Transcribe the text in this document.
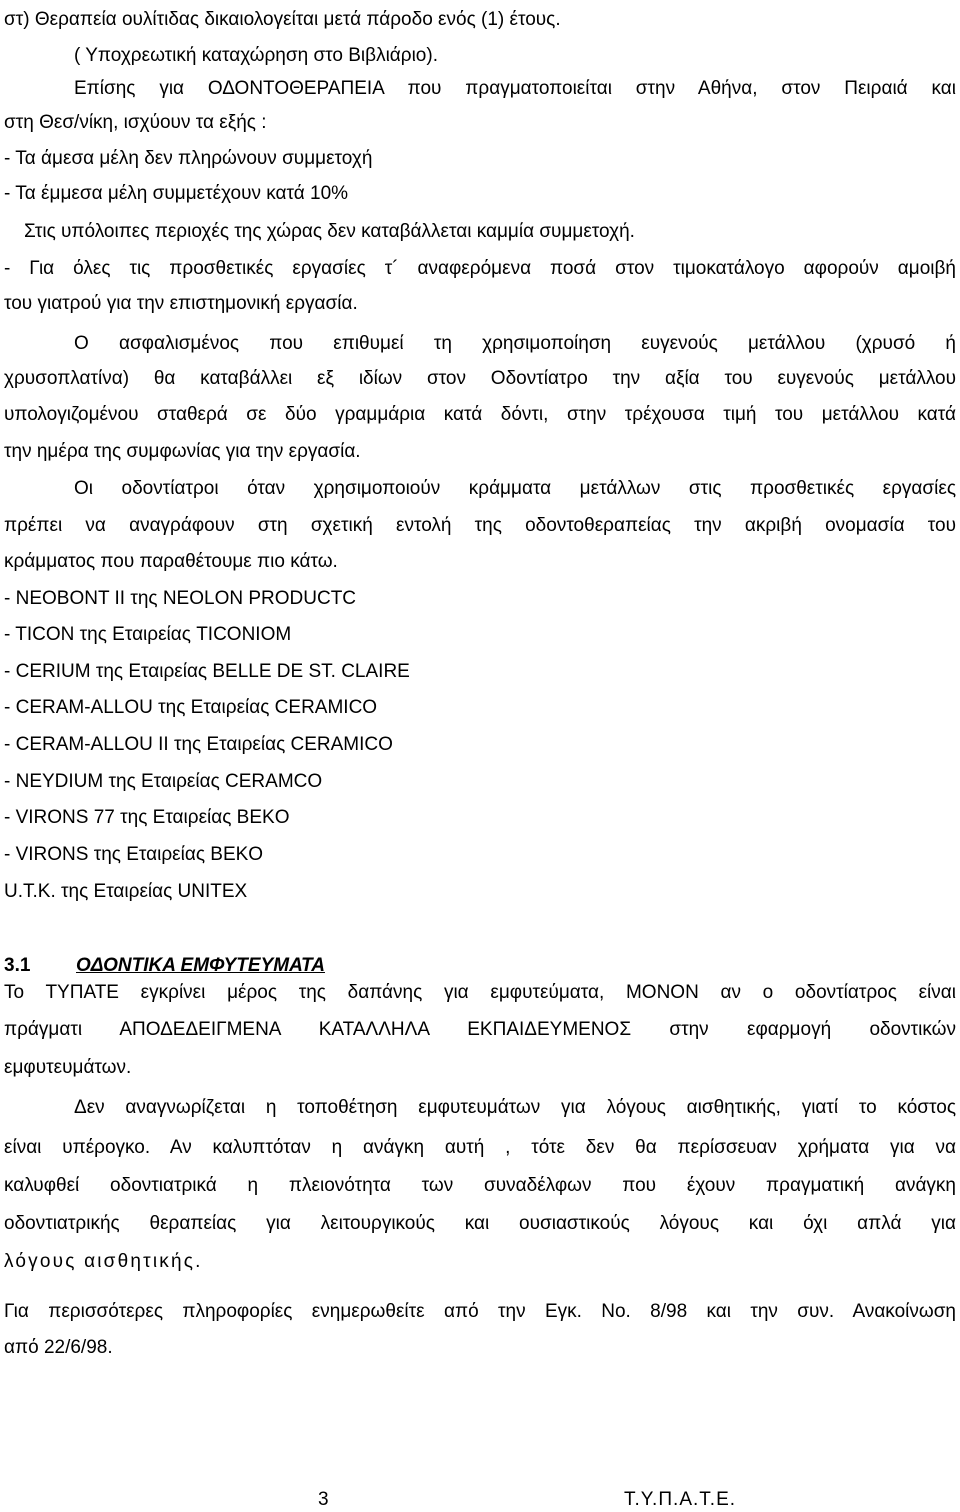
στ) Θεραπεία ουλίτιδας δικαιολογείται μετά πάροδο ενός (1) έτους.
( Υποχρεωτική καταχώρηση στο Βιβλιάριο).
Επίσης για ΟΔΟΝΤΟΘΕΡΑΠΕΙΑ που πραγματοποιείται στην Αθήνα, στον Πειραιά και
στη Θεσ/νίκη, ισχύουν τα εξής :
- Τα άμεσα μέλη δεν πληρώνουν συμμετοχή
- Τα έμμεσα μέλη συμμετέχουν κατά 10%
Στις υπόλοιπες περιοχές της χώρας δεν καταβάλλεται καμμία συμμετοχή.
- Για όλες τις προσθετικές εργασίες τ´ αναφερόμενα ποσά στον τιμοκατάλογο αφορούν αμοιβή
του γιατρού για την επιστημονική εργασία.
Ο ασφαλισμένος που επιθυμεί τη χρησιμοποίηση ευγενούς μετάλλου (χρυσό ή
χρυσοπλατίνα) θα καταβάλλει εξ ιδίων στον Οδοντίατρο την αξία του ευγενούς μετάλλου
υπολογιζομένου σταθερά σε δύο γραμμάρια κατά δόντι, στην τρέχουσα τιμή του μετάλλου κατά
την ημέρα της συμφωνίας για την εργασία.
Οι οδοντίατροι όταν χρησιμοποιούν κράμματα μετάλλων στις προσθετικές εργασίες
πρέπει να αναγράφουν στη σχετική εντολή της οδοντοθεραπείας την ακριβή ονομασία του
κράμματος που παραθέτουμε πιο κάτω.
- NEOBONT II της NEOLON PRODUCTC
- TICON της Εταιρείας TICONIOM
- CERIUM της Εταιρείας BELLE DE ST. CLAIRE
- CERAM-ALLOU της Εταιρείας CERAMICO
- CERAM-ALLOU II της Εταιρείας CERAMICO
- NEYDIUM της Εταιρείας CERAMCO
- VIRONS 77 της Εταιρείας BEKO
- VIRONS της Εταιρείας BEKO
U.T.K. της Εταιρείας UNITEX
3.1 ΟΔΟΝΤΙΚΑ ΕΜΦΥΤΕΥΜΑΤΑ
Το ΤΥΠΑΤΕ εγκρίνει μέρος της δαπάνης για εμφυτεύματα, ΜΟΝΟΝ αν ο οδοντίατρος είναι
πράγματι ΑΠΟΔΕΔΕΙΓΜΕΝΑ ΚΑΤΑΛΛΗΛΑ ΕΚΠΑΙΔΕΥΜΕΝΟΣ στην εφαρμογή οδοντικών
εμφυτευμάτων.
Δεν αναγνωρίζεται η τοποθέτηση εμφυτευμάτων για λόγους αισθητικής, γιατί το κόστος
είναι υπέρογκο. Αν καλυπτόταν η ανάγκη αυτή , τότε δεν θα περίσσευαν χρήματα για να
καλυφθεί οδοντιατρικά η πλειονότητα των συναδέλφων που έχουν πραγματική ανάγκη
οδοντιατρικής θεραπείας για λειτουργικούς και ουσιαστικούς λόγους και όχι απλά για
λόγους αισθητικής.
Για περισσότερες πληροφορίες ενημερωθείτε από την Εγκ. Νο. 8/98 και την συν. Ανακοίνωση
από 22/6/98.
3	Τ.Υ.Π.Α.Τ.Ε.
